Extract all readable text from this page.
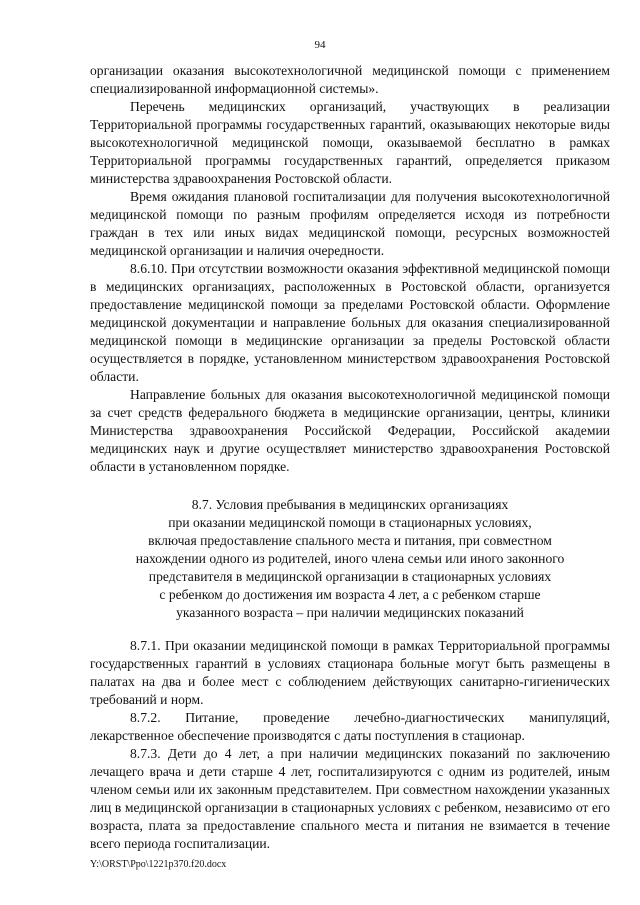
94

организации оказания высокотехнологичной медицинской помощи с применением специализированной информационной системы».

Перечень медицинских организаций, участвующих в реализации Территориальной программы государственных гарантий, оказывающих некоторые виды высокотехнологичной медицинской помощи, оказываемой бесплатно в рамках Территориальной программы государственных гарантий, определяется приказом министерства здравоохранения Ростовской области.

Время ожидания плановой госпитализации для получения высокотехнологичной медицинской помощи по разным профилям определяется исходя из потребности граждан в тех или иных видах медицинской помощи, ресурсных возможностей медицинской организации и наличия очередности.

8.6.10. При отсутствии возможности оказания эффективной медицинской помощи в медицинских организациях, расположенных в Ростовской области, организуется предоставление медицинской помощи за пределами Ростовской области. Оформление медицинской документации и направление больных для оказания специализированной медицинской помощи в медицинские организации за пределы Ростовской области осуществляется в порядке, установленном министерством здравоохранения Ростовской области.

Направление больных для оказания высокотехнологичной медицинской помощи за счет средств федерального бюджета в медицинские организации, центры, клиники Министерства здравоохранения Российской Федерации, Российской академии медицинских наук и другие осуществляет министерство здравоохранения Ростовской области в установленном порядке.

8.7. Условия пребывания в медицинских организациях
при оказании медицинской помощи в стационарных условиях,
включая предоставление спального места и питания, при совместном
нахождении одного из родителей, иного члена семьи или иного законного
представителя в медицинской организации в стационарных условиях
с ребенком до достижения им возраста 4 лет, а с ребенком старше
указанного возраста – при наличии медицинских показаний

8.7.1. При оказании медицинской помощи в рамках Территориальной программы государственных гарантий в условиях стационара больные могут быть размещены в палатах на два и более мест с соблюдением действующих санитарно-гигиенических требований и норм.

8.7.2. Питание, проведение лечебно-диагностических манипуляций, лекарственное обеспечение производятся с даты поступления в стационар.

8.7.3. Дети до 4 лет, а при наличии медицинских показаний по заключению лечащего врача и дети старше 4 лет, госпитализируются с одним из родителей, иным членом семьи или их законным представителем. При совместном нахождении указанных лиц в медицинской организации в стационарных условиях с ребенком, независимо от его возраста, плата за предоставление спального места и питания не взимается в течение всего периода госпитализации.

Y:\ORST\Ppo\1221p370.f20.docx
